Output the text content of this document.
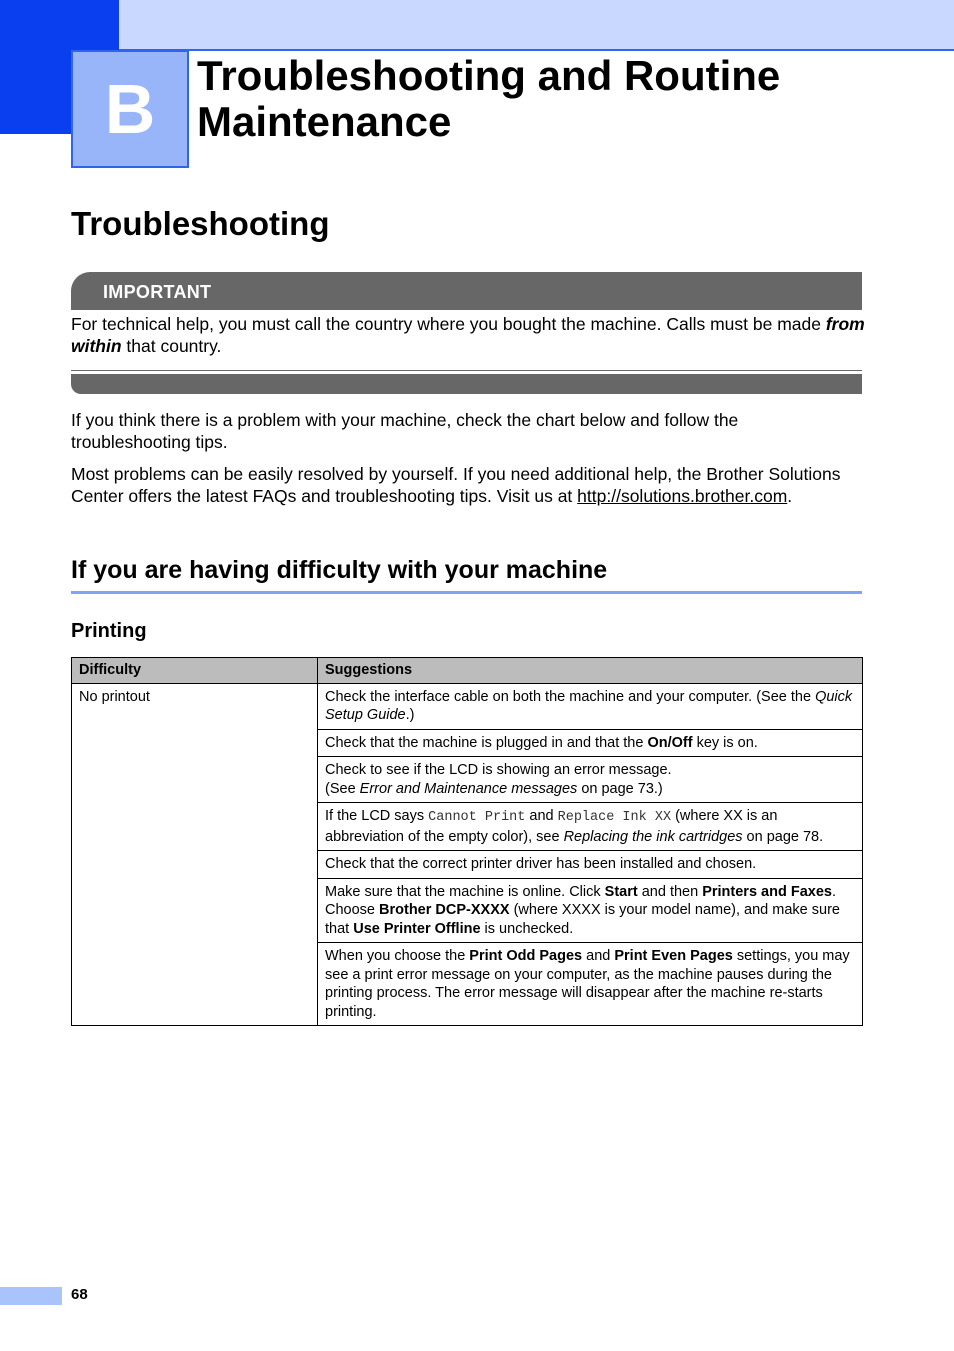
B Troubleshooting and Routine Maintenance
Troubleshooting
IMPORTANT

For technical help, you must call the country where you bought the machine. Calls must be made from within that country.

If you think there is a problem with your machine, check the chart below and follow the troubleshooting tips.

Most problems can be easily resolved by yourself. If you need additional help, the Brother Solutions Center offers the latest FAQs and troubleshooting tips. Visit us at http://solutions.brother.com.

If you are having difficulty with your machine
Printing
Difficulty	Suggestions
No printout	Check the interface cable on both the machine and your computer. (See the Quick Setup Guide.)
	Check that the machine is plugged in and that the On/Off key is on.
	Check to see if the LCD is showing an error message.
(See Error and Maintenance messages on page 73.)
	If the LCD says Cannot Print and Replace Ink XX (where XX is an abbreviation of the empty color), see Replacing the ink cartridges on page 78.
	Check that the correct printer driver has been installed and chosen.
	Make sure that the machine is online. Click Start and then Printers and Faxes. Choose Brother DCP-XXXX (where XXXX is your model name), and make sure that Use Printer Offline is unchecked.
	When you choose the Print Odd Pages and Print Even Pages settings, you may see a print error message on your computer, as the machine pauses during the printing process. The error message will disappear after the machine re-starts printing.
68
